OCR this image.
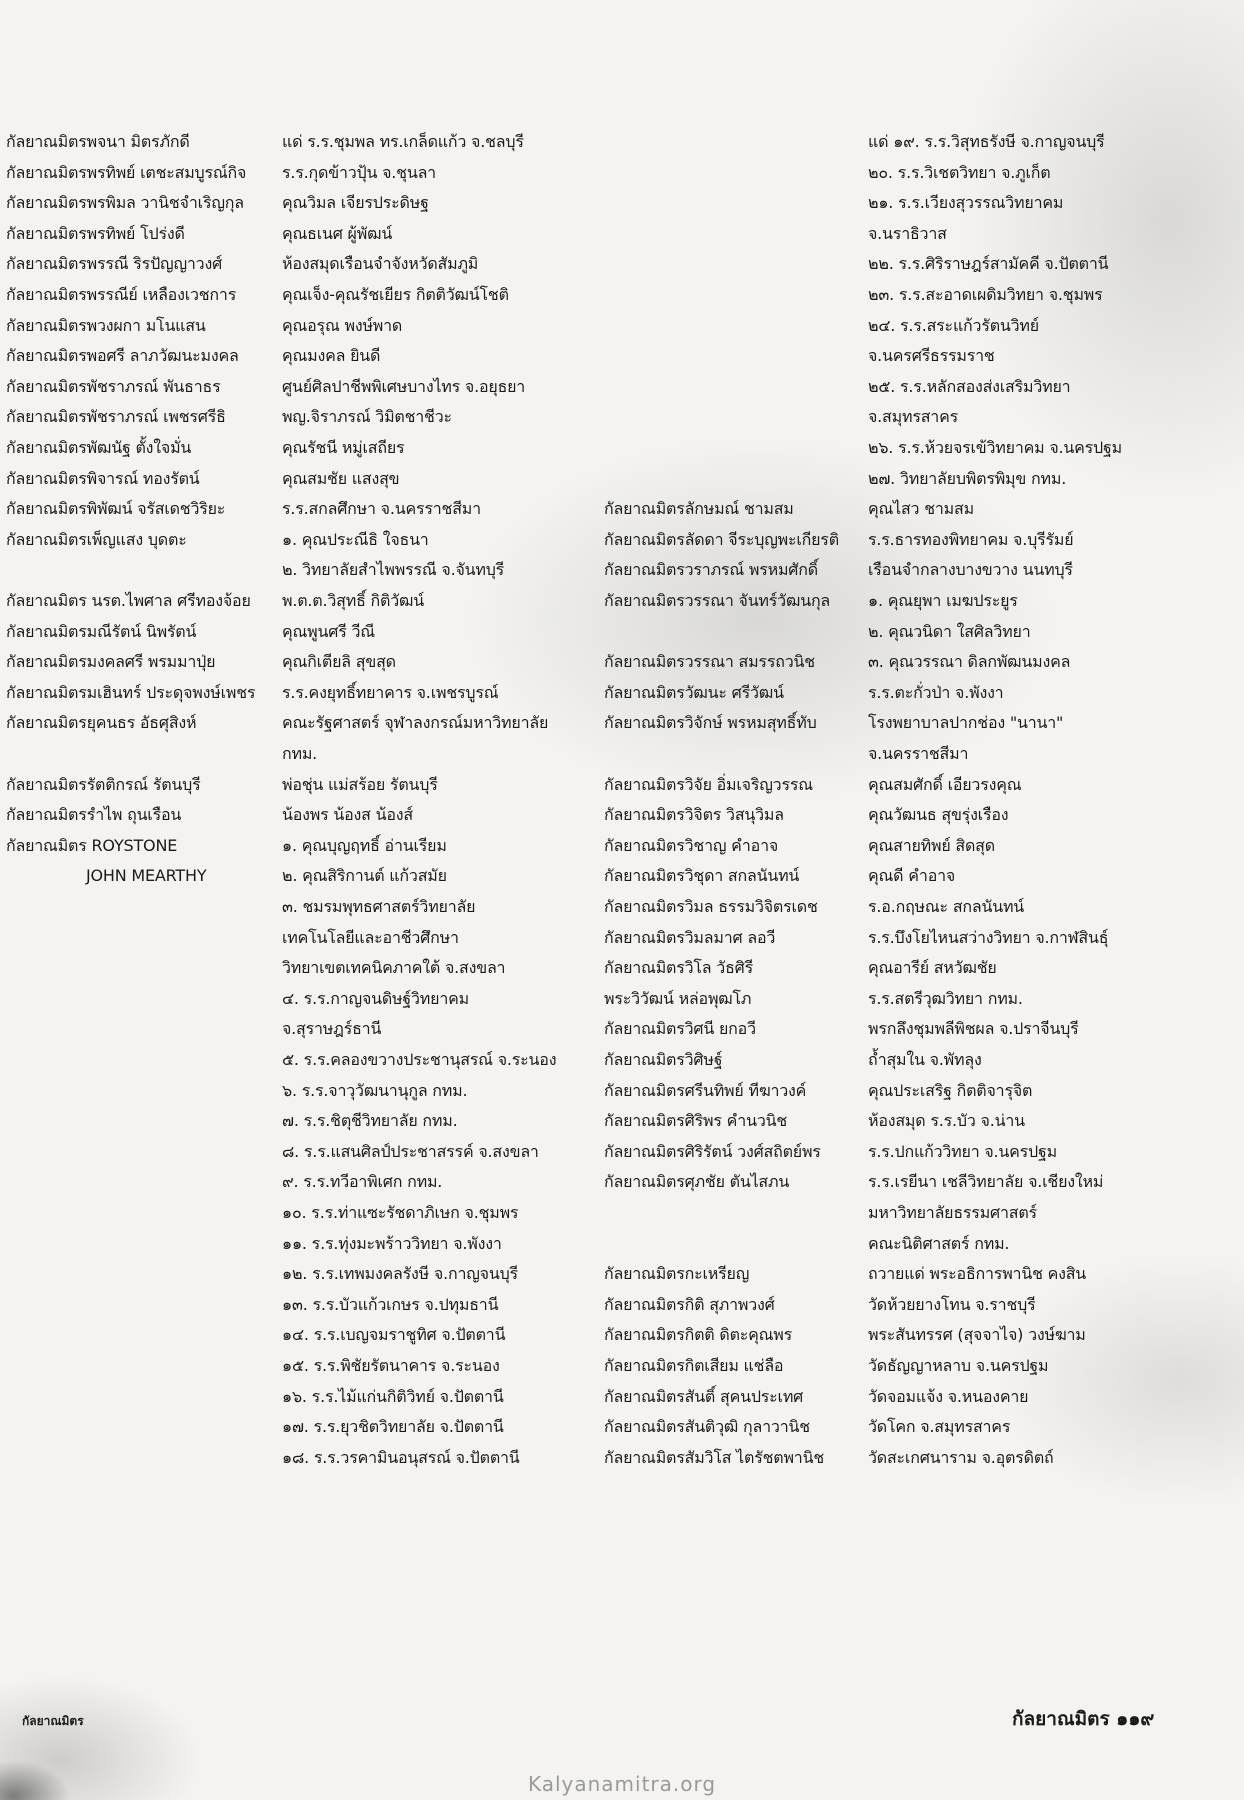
กัลยาณมิตรพจนา มิตรภักดี
กัลยาณมิตรพรทิพย์ เตชะสมบูรณ์กิจ
กัลยาณมิตรพรพิมล วานิชจำเริญกุล
กัลยาณมิตรพรทิพย์ โปร่งดี
กัลยาณมิตรพรรณี ริรปัญญาวงศ์
กัลยาณมิตรพรรณีย์ เหลืองเวชการ
กัลยาณมิตรพวงผกา มโนแสน
กัลยาณมิตรพอศรี ลาภวัฒนะมงคล
กัลยาณมิตรพัชราภรณ์ พันธาธร
กัลยาณมิตรพัชราภรณ์ เพชรศรีธิ
กัลยาณมิตรพัฒนัฐ ตั้งใจมั่น
กัลยาณมิตรพิจารณ์ ทองรัตน์
กัลยาณมิตรพิพัฒน์ จรัสเดชวิริยะ
กัลยาณมิตรเพ็ญแสง บุดตะ
กัลยาณมิตร นรต.ไพศาล ศรีทองจ้อย
กัลยาณมิตรมณีรัตน์ นิพรัตน์
กัลยาณมิตรมงคลศรี พรมมาปุ่ย
กัลยาณมิตรมเฮินทร์ ประดุจพงษ์เพชร
กัลยาณมิตรยุคนธร อัธศุสิงห์
กัลยาณมิตรรัตติกรณ์ รัตนบุรี
กัลยาณมิตรรำไพ ถุนเรือน
กัลยาณมิตร ROYSTONE
JOHN MEARTHY
แด่ ร.ร.ชุมพล ทร.เกล็ดแก้ว จ.ชลบุรี
ร.ร.กุดข้าวปุ้น จ.ชุนลา
คุณวิมล เจียรประดิษฐ
คุณธเนศ ผู้พัฒน์
ห้องสมุดเรือนจำจังหวัดสัมภูมิ
คุณเจ็ง-คุณรัชเยียร กิตติวัฒน์โชติ
คุณอรุณ พงษ์พาด
คุณมงคล ยินดี
ศูนย์ศิลปาชีพพิเศษบางไทร จ.อยุธยา
พญ.จิราภรณ์ วิมิตชาชีวะ
คุณรัชนี หมู่เสถียร
คุณสมชัย แสงสุข
ร.ร.สกลศึกษา จ.นครราชสีมา
๑. คุณประณีธิ ใจธนา
๒. วิทยาลัยสำไพพรรณี จ.จันทบุรี
พ.ต.ต.วิสุทธิ์ กิติวัฒน์
คุณพูนศรี วีณี
คุณกิเตียลิ สุขสุด
ร.ร.คงยุทธิ์ทยาคาร จ.เพชรบูรณ์
คณะรัฐศาสตร์ จุฬาลงกรณ์มหาวิทยาลัย
กทม.
พ่อชุ่น แม่สร้อย รัตนบุรี
น้องพร น้องส น้องส์
๑. คุณบุญฤทธิ์ อ่านเรียม
๒. คุณสิริกานต์ แก้วสมัย
๓. ชมรมพุทธศาสตร์วิทยาลัย
เทคโนโลยีและอาชีวศึกษา
วิทยาเขตเทคนิคภาคใต้ จ.สงขลา
๔. ร.ร.กาญจนดิษฐ์วิทยาคม
จ.สุราษฎร์ธานี
๕. ร.ร.คลองขวางประชานุสรณ์ จ.ระนอง
๖. ร.ร.จาวุวัฒนานุกูล กทม.
๗. ร.ร.ชิตุชีวิทยาลัย กทม.
๘. ร.ร.แสนศิลป์ประชาสรรค์ จ.สงขลา
๙. ร.ร.ทวีอาพิเศก กทม.
๑๐. ร.ร.ท่าแซะรัชดาภิเษก จ.ชุมพร
๑๑. ร.ร.ทุ่งมะพร้าววิทยา จ.พังงา
๑๒. ร.ร.เทพมงคลรังษี จ.กาญจนบุรี
๑๓. ร.ร.บัวแก้วเกษร จ.ปทุมธานี
๑๔. ร.ร.เบญจมราชูทิศ จ.ปัตตานี
๑๕. ร.ร.พิชัยรัตนาคาร จ.ระนอง
๑๖. ร.ร.ไม้แก่นกิติวิทย์ จ.ปัตตานี
๑๗. ร.ร.ยุวชิตวิทยาลัย จ.ปัตตานี
๑๘. ร.ร.วรคามินอนุสรณ์ จ.ปัตตานี
กัลยาณมิตรลักษมณ์ ชามสม
กัลยาณมิตรลัดดา จีระบุญพะเกียรติ
กัลยาณมิตรวราภรณ์ พรหมศักดิ์
กัลยาณมิตรวรรณา จันทร์วัฒนกุล
กัลยาณมิตรวรรณา สมรรถวนิช
กัลยาณมิตรวัฒนะ ศรีวัฒน์
กัลยาณมิตรวิจักษ์ พรหมสุทธิ์ทับ
กัลยาณมิตรวิจัย อิ่มเจริญวรรณ
กัลยาณมิตรวิจิตร วิสนุวิมล
กัลยาณมิตรวิชาญ คำอาจ
กัลยาณมิตรวิชุดา สกลนันทน์
กัลยาณมิตรวิมล ธรรมวิจิตรเดช
กัลยาณมิตรวิมลมาศ ลอวี
กัลยาณมิตรวิโล วัธศิรี
พระวิวัฒน์ หล่อพุฒโภ
กัลยาณมิตรวิศนี ยกอวี
กัลยาณมิตรวิศิษฐ์
กัลยาณมิตรศรีนทิพย์ ทีฆาวงค์
กัลยาณมิตรศิริพร คำนวนิช
กัลยาณมิตรศิริรัตน์ วงศ์สถิตย์พร
กัลยาณมิตรศุภชัย ตันไสภน
กัลยาณมิตรกะเหรียญ
กัลยาณมิตรกิติ สุภาพวงศ์
กัลยาณมิตรกิตติ ดิตะคุณพร
กัลยาณมิตรกิตเสียม แช่ลือ
กัลยาณมิตรสันติ์ สุคนประเทศ
กัลยาณมิตรสันติวุฒิ กุลาวานิช
กัลยาณมิตรสัมวิโส ไตรัชตพานิช
แด่ ๑๙. ร.ร.วิสุทธรังษี จ.กาญจนบุรี
๒๐. ร.ร.วิเชตวิทยา จ.ภูเก็ต
๒๑. ร.ร.เวียงสุวรรณวิทยาคม
จ.นราธิวาส
๒๒. ร.ร.ศิริราษฎร์สามัคคี จ.ปัตตานี
๒๓. ร.ร.สะอาดเผดิมวิทยา จ.ชุมพร
๒๔. ร.ร.สระแก้วรัตนวิทย์
จ.นครศรีธรรมราช
๒๕. ร.ร.หลักสองส่งเสริมวิทยา
จ.สมุทรสาคร
๒๖. ร.ร.ห้วยจรเข้วิทยาคม จ.นครปฐม
๒๗. วิทยาลัยบพิตรพิมุข กทม.
คุณไสว ชามสม
ร.ร.ธารทองพิทยาคม จ.บุรีรัมย์
เรือนจำกลางบางขวาง นนทบุรี
๑. คุณยุพา เมฆประยูร
๒. คุณวนิดา ใสศิลวิทยา
๓. คุณวรรณา ดิลกพัฒนมงคล
ร.ร.ตะกั่วป่า จ.พังงา
โรงพยาบาลปากช่อง "นานา"
จ.นครราชสีมา
คุณสมศักดิ์ เอียวรงคุณ
คุณวัฒนธ สุขรุ่งเรือง
คุณสายทิพย์ สิดสุด
คุณดี คำอาจ
ร.อ.กฤษณะ สกลนันทน์
ร.ร.บึงโยไหนสว่างวิทยา จ.กาฬสินธุ์
คุณอารีย์ สหวัฒชัย
ร.ร.สตรีวุฒวิทยา กทม.
พรกลึงชุมพลีพิชผล จ.ปราจีนบุรี
ถ้ำสุมใน จ.พัทลุง
คุณประเสริฐ กิตติจารุจิต
ห้องสมุด ร.ร.บัว จ.น่าน
ร.ร.ปกแก้ววิทยา จ.นครปฐม
ร.ร.เรยีนา เชลีวิทยาลัย จ.เชียงใหม่
มหาวิทยาลัยธรรมศาสตร์
คณะนิติศาสตร์ กทม.
ถวายแด่ พระอธิการพานิช คงสิน
วัดห้วยยางโทน จ.ราชบุรี
พระสันทรรศ (สุจจาไจ) วงษ์ฆาม
วัดธัญญาหลาบ จ.นครปฐม
วัดจอมแจ้ง จ.หนองคาย
วัดโคก จ.สมุทรสาคร
วัดสะเกศนาราม จ.อุตรดิตถ์
กัลยาณมิตร	กัลยาณมิตร ๑๑๙
Kalyanamitra.org
